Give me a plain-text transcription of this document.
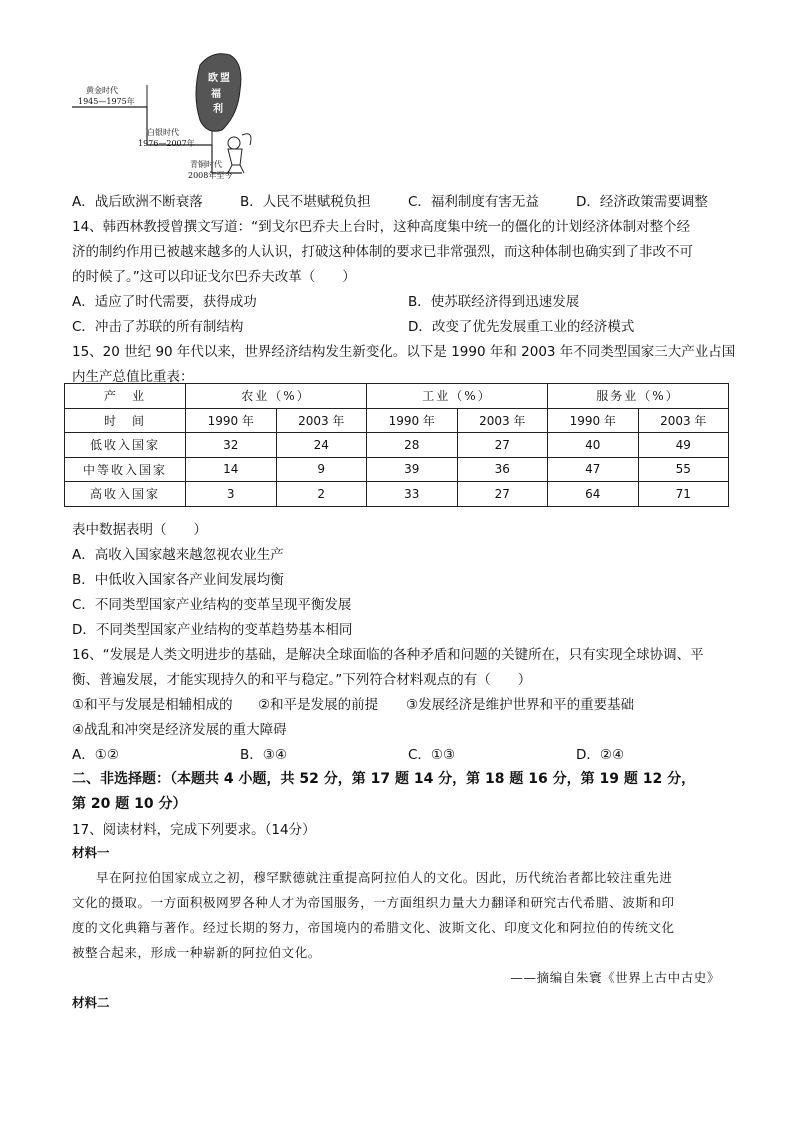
黄金时代
1945—1975年
白银时代
1976—2007年
青铜时代
2008年至今
欧 盟
福
利
A．战后欧洲不断衰落	B．人民不堪赋税负担	C．福利制度有害无益	D．经济政策需要调整
14、韩西林教授曾撰文写道：“到戈尔巴乔夫上台时，这种高度集中统一的僵化的计划经济体制对整个经
济的制约作用已被越来越多的人认识，打破这种体制的要求已非常强烈，而这种体制也确实到了非改不可
的时候了。”这可以印证戈尔巴乔夫改革（　　）
A．适应了时代需要，获得成功	B．使苏联经济得到迅速发展
C．冲击了苏联的所有制结构	D．改变了优先发展重工业的经济模式
15、20 世纪 90 年代以来，世界经济结构发生新变化。以下是 1990 年和 2003 年不同类型国家三大产业占国
内生产总值比重表：
产　业	农业（%）		工业（%）		服务业（%）	
时　间	1990 年	2003 年	1990 年	2003 年	1990 年	2003 年
低收入国家	32	24	28	27	40	49
中等收入国家	14	9	39	36	47	55
高收入国家	3	2	33	27	64	71
表中数据表明（　　）
A．高收入国家越来越忽视农业生产
B．中低收入国家各产业间发展均衡
C．不同类型国家产业结构的变革呈现平衡发展
D．不同类型国家产业结构的变革趋势基本相同
16、“发展是人类文明进步的基础，是解决全球面临的各种矛盾和问题的关键所在，只有实现全球协调、平
衡、普遍发展，才能实现持久的和平与稳定。”下列符合材料观点的有（　　）
①和平与发展是相辅相成的 ②和平是发展的前提 ③发展经济是维护世界和平的重要基础
④战乱和冲突是经济发展的重大障碍
A．①②	B．③④	C．①③	D．②④
二、非选择题：（本题共 4 小题，共 52 分，第 17 题 14 分，第 18 题 16 分，第 19 题 12 分，
第 20 题 10 分）
17、阅读材料，完成下列要求。（14分）
材料一
早在阿拉伯国家成立之初，穆罕默德就注重提高阿拉伯人的文化。因此，历代统治者都比较注重先进
文化的摄取。一方面积极网罗各种人才为帝国服务，一方面组织力量大力翻译和研究古代希腊、波斯和印
度的文化典籍与著作。经过长期的努力，帝国境内的希腊文化、波斯文化、印度文化和阿拉伯的传统文化
被整合起来，形成一种崭新的阿拉伯文化。
——摘编自朱寰《世界上古中古史》
材料二
